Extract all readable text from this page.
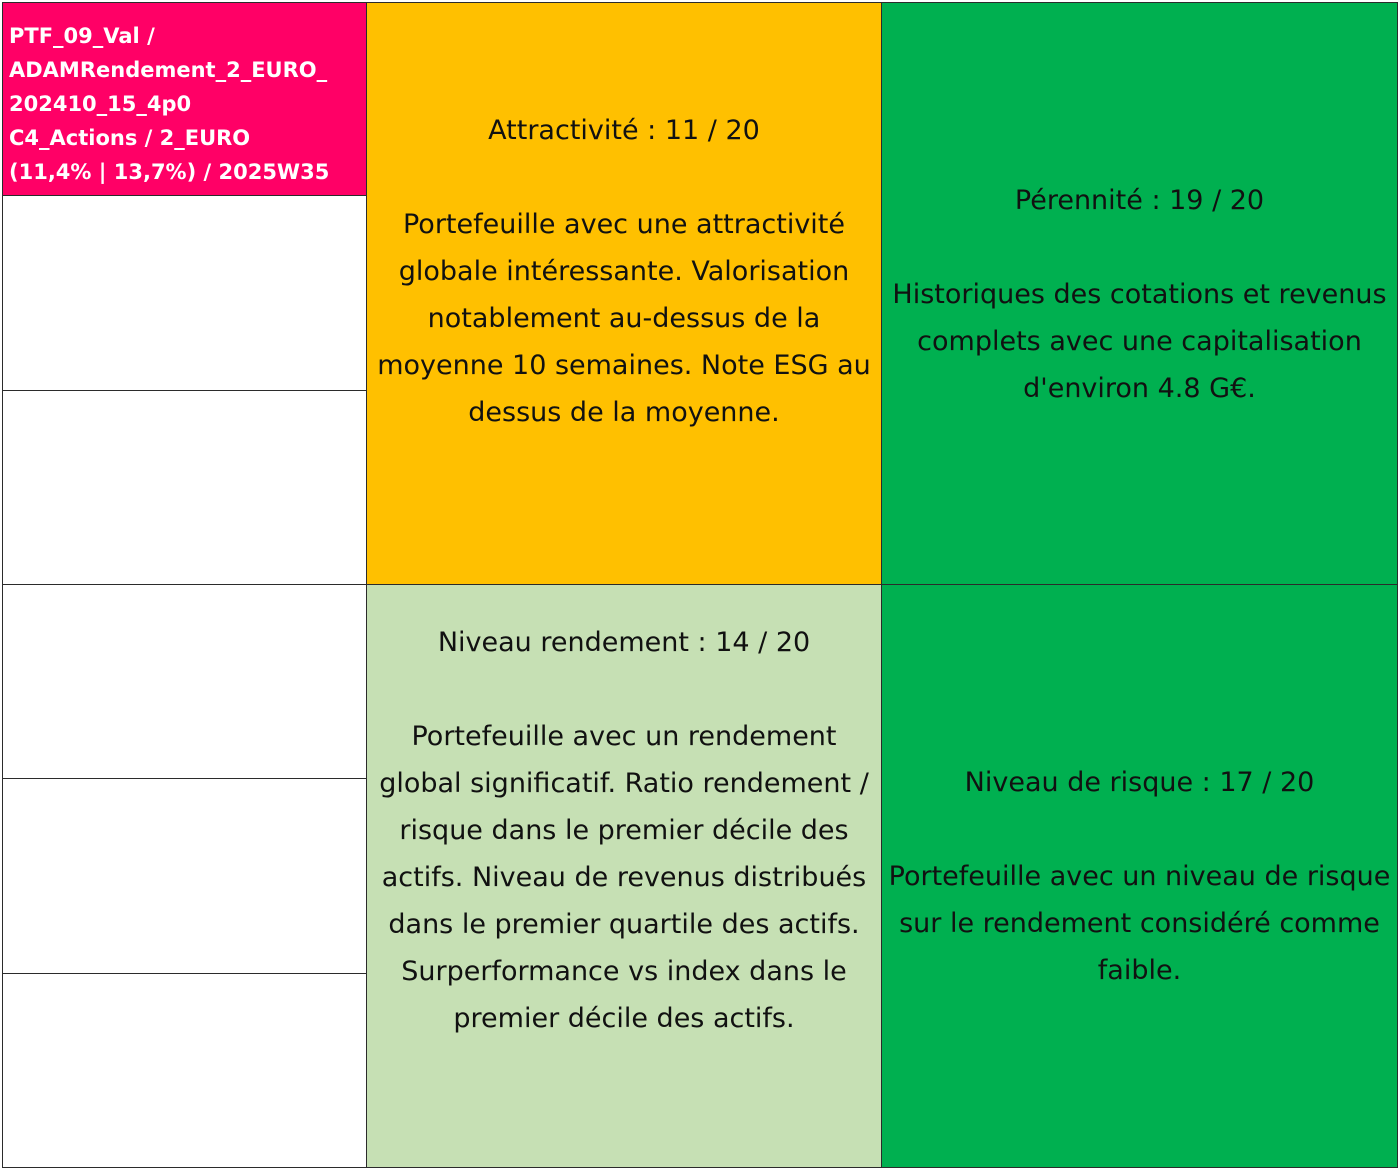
PTF_09_Val /
ADAMRendement_2_EURO_
202410_15_4p0
C4_Actions / 2_EURO
(11,4% | 13,7%) / 2025W35
Attractivité : 11 / 20
Portefeuille avec une attractivité globale intéressante. Valorisation notablement au-dessus de la moyenne 10 semaines. Note ESG au dessus de la moyenne.
Pérennité : 19 / 20
Historiques des cotations et revenus complets avec une capitalisation d'environ 4.8 G€.
Niveau rendement : 14 / 20
Portefeuille avec un rendement global significatif. Ratio rendement / risque dans le premier décile des actifs. Niveau de revenus distribués dans le premier quartile des actifs. Surperformance vs index dans le premier décile des actifs.
Niveau de risque : 17 / 20
Portefeuille avec un niveau de risque sur le rendement considéré comme faible.
